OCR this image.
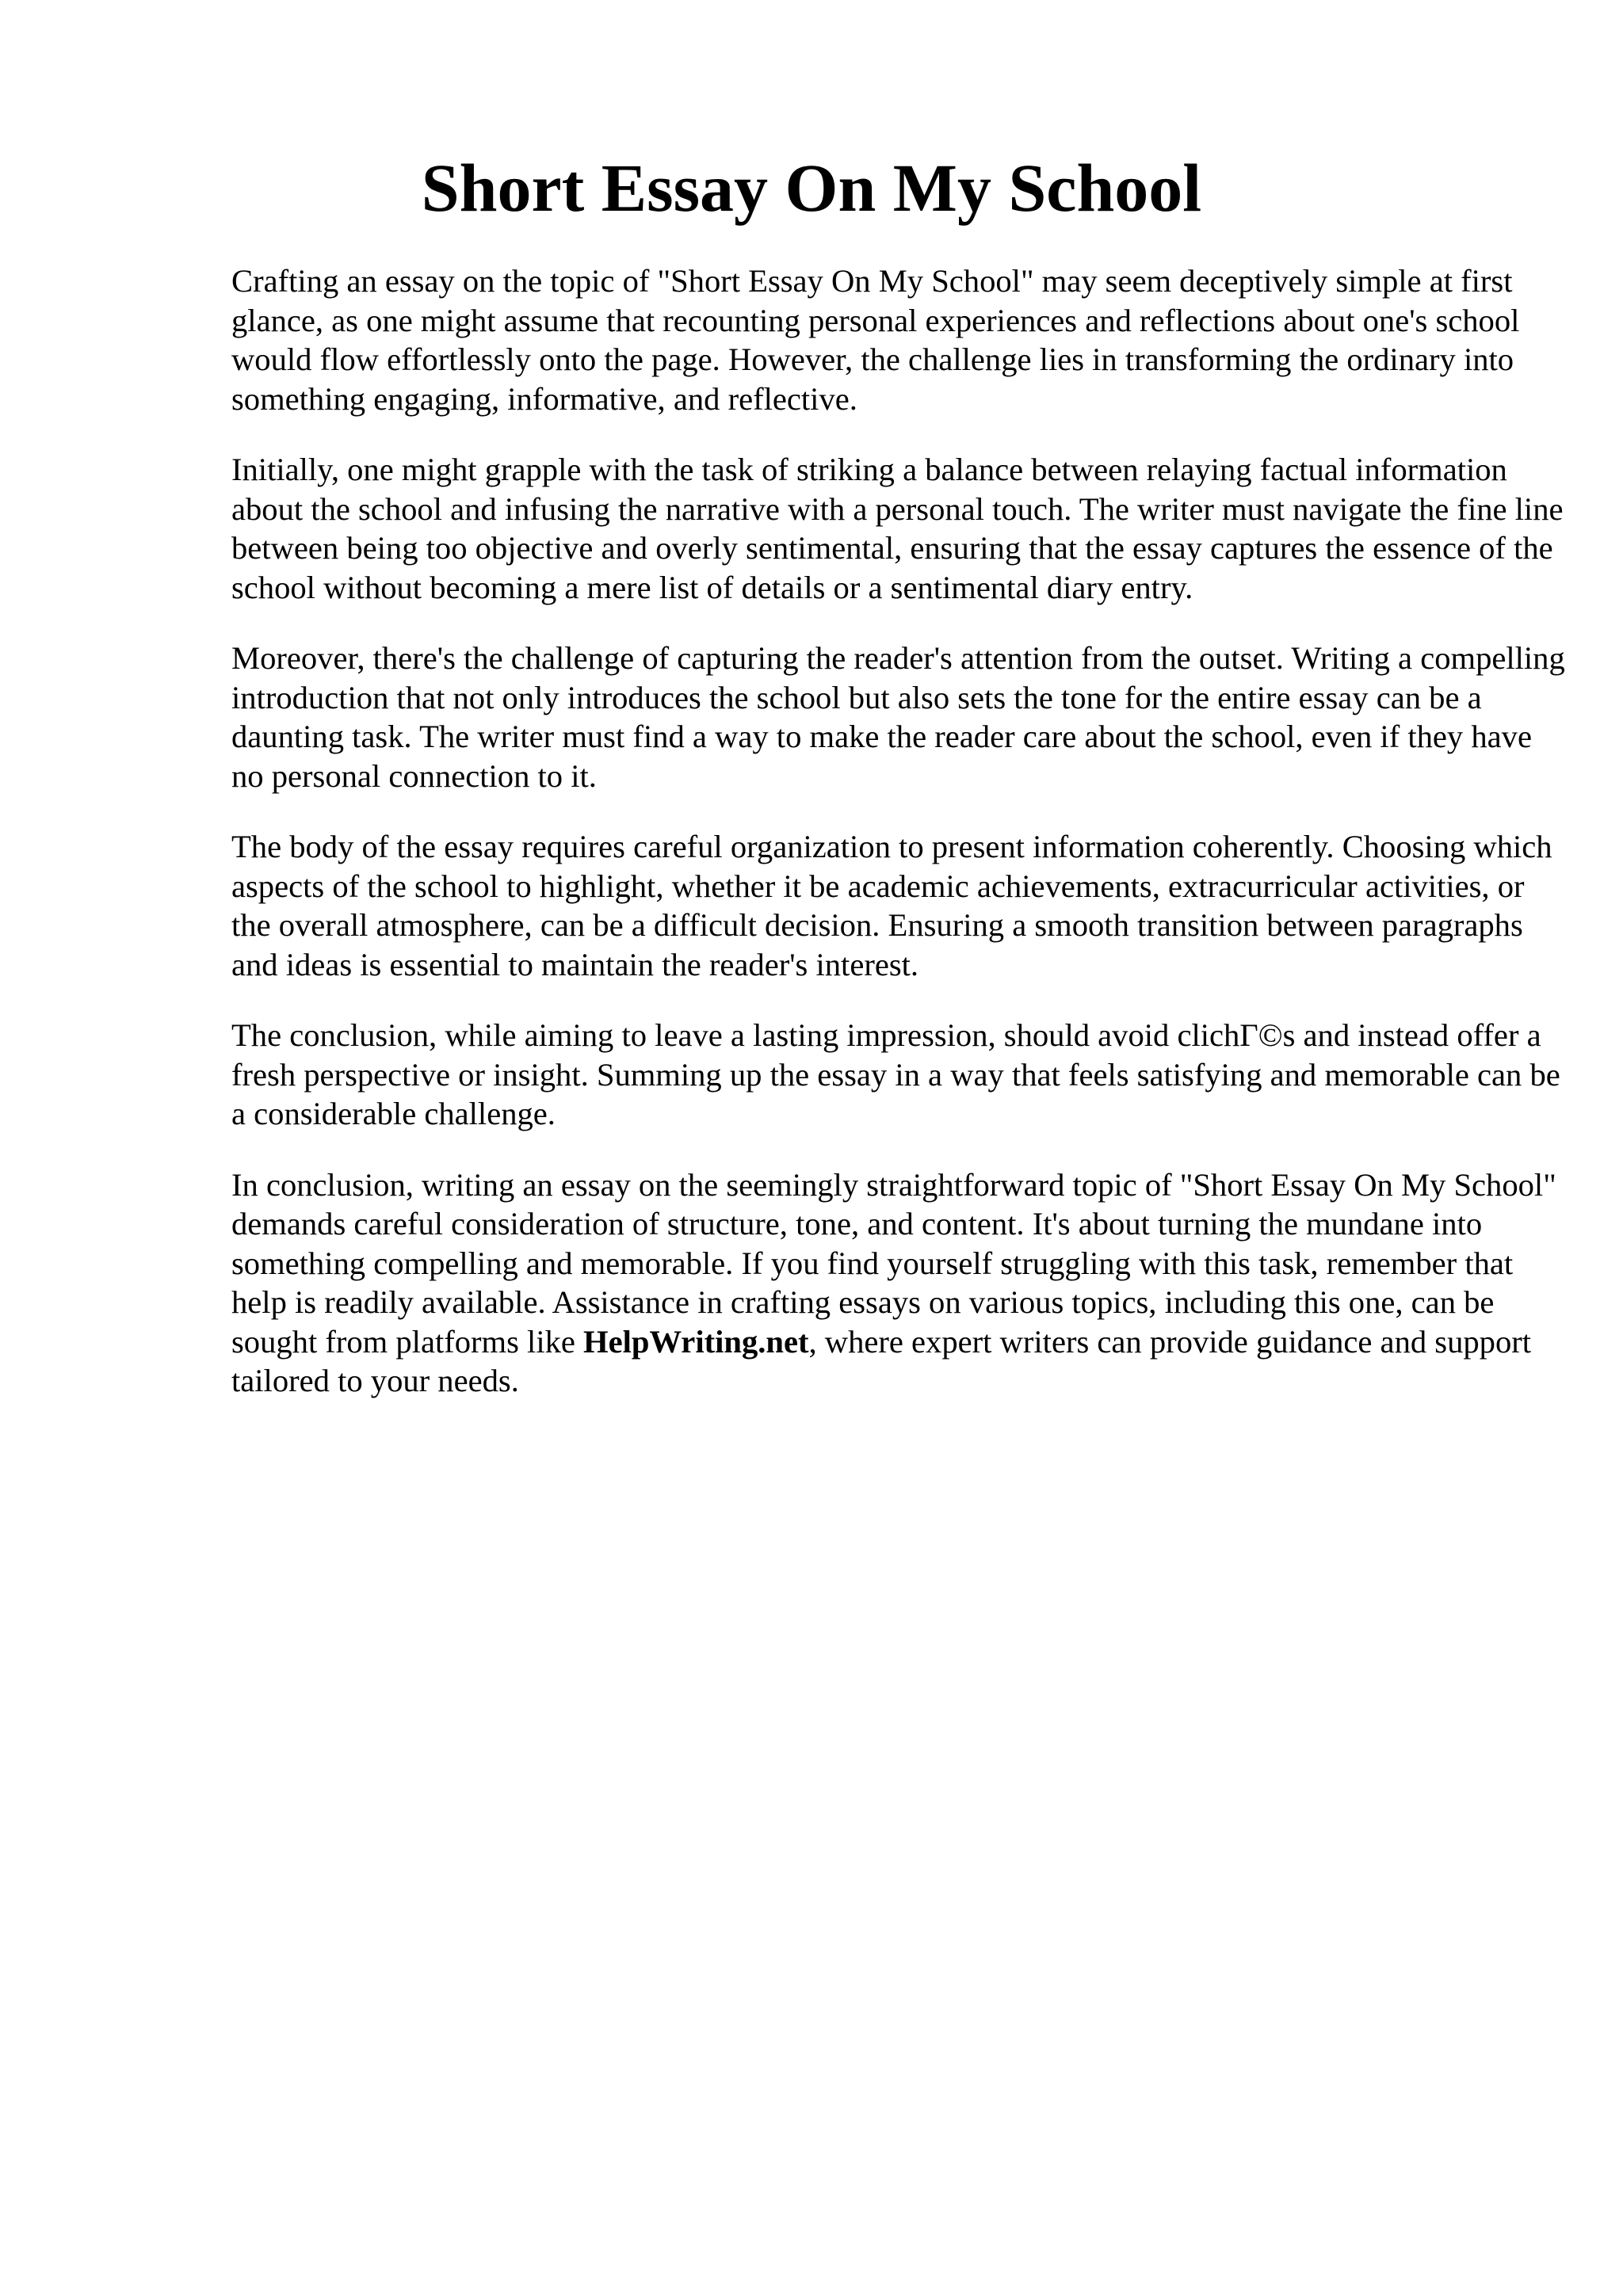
Short Essay On My School

Crafting an essay on the topic of "Short Essay On My School" may seem deceptively simple at first glance, as one might assume that recounting personal experiences and reflections about one's school would flow effortlessly onto the page. However, the challenge lies in transforming the ordinary into something engaging, informative, and reflective.

Initially, one might grapple with the task of striking a balance between relaying factual information about the school and infusing the narrative with a personal touch. The writer must navigate the fine line between being too objective and overly sentimental, ensuring that the essay captures the essence of the school without becoming a mere list of details or a sentimental diary entry.

Moreover, there's the challenge of capturing the reader's attention from the outset. Writing a compelling introduction that not only introduces the school but also sets the tone for the entire essay can be a daunting task. The writer must find a way to make the reader care about the school, even if they have no personal connection to it.

The body of the essay requires careful organization to present information coherently. Choosing which aspects of the school to highlight, whether it be academic achievements, extracurricular activities, or the overall atmosphere, can be a difficult decision. Ensuring a smooth transition between paragraphs and ideas is essential to maintain the reader's interest.

The conclusion, while aiming to leave a lasting impression, should avoid clichΓ©s and instead offer a fresh perspective or insight. Summing up the essay in a way that feels satisfying and memorable can be a considerable challenge.

In conclusion, writing an essay on the seemingly straightforward topic of "Short Essay On My School" demands careful consideration of structure, tone, and content. It's about turning the mundane into something compelling and memorable. If you find yourself struggling with this task, remember that help is readily available. Assistance in crafting essays on various topics, including this one, can be sought from platforms like HelpWriting.net, where expert writers can provide guidance and support tailored to your needs.
